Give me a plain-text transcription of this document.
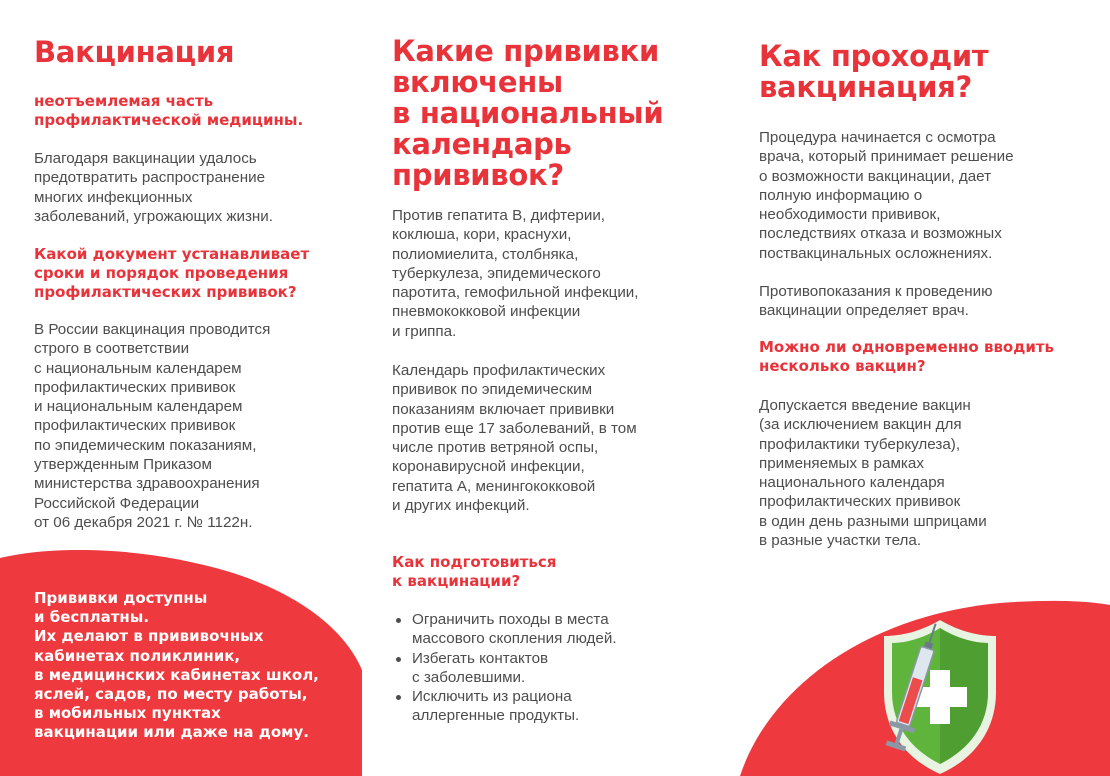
Вакцинация

неотъемлемая часть
профилактической медицины.

Благодаря вакцинации удалось
предотвратить распространение
многих инфекционных
заболеваний, угрожающих жизни.

Какой документ устанавливает
сроки и порядок проведения
профилактических прививок?

В России вакцинация проводится
строго в соответствии
с национальным календарем
профилактических прививок
и национальным календарем
профилактических прививок
по эпидемическим показаниям,
утвержденным Приказом
министерства здравоохранения
Российской Федерации
от 06 декабря 2021 г. № 1122н.

Прививки доступны
и бесплатны.
Их делают в прививочных
кабинетах поликлиник,
в медицинских кабинетах школ,
яслей, садов, по месту работы,
в мобильных пунктах
вакцинации или даже на дому.
Какие прививки
включены
в национальный
календарь
прививок?

Против гепатита В, дифтерии,
коклюша, кори, краснухи,
полиомиелита, столбняка,
туберкулеза, эпидемического
паротита, гемофильной инфекции,
пневмококковой инфекции
и гриппа.

Календарь профилактических
прививок по эпидемическим
показаниям включает прививки
против еще 17 заболеваний, в том
числе против ветряной оспы,
коронавирусной инфекции,
гепатита А, менингококковой
и других инфекций.

Как подготовиться
к вакцинации?

Ограничить походы в места
массового скопления людей.
Избегать контактов
с заболевшими.
Исключить из рациона
аллергенные продукты.
Как проходит
вакцинация?

Процедура начинается с осмотра
врача, который принимает решение
о возможности вакцинации, дает
полную информацию о
необходимости прививок,
последствиях отказа и возможных
поствакцинальных осложнениях.

Противопоказания к проведению
вакцинации определяет врач.

Можно ли одновременно вводить
несколько вакцин?

Допускается введение вакцин
(за исключением вакцин для
профилактики туберкулеза),
применяемых в рамках
национального календаря
профилактических прививок
в один день разными шприцами
в разные участки тела.
